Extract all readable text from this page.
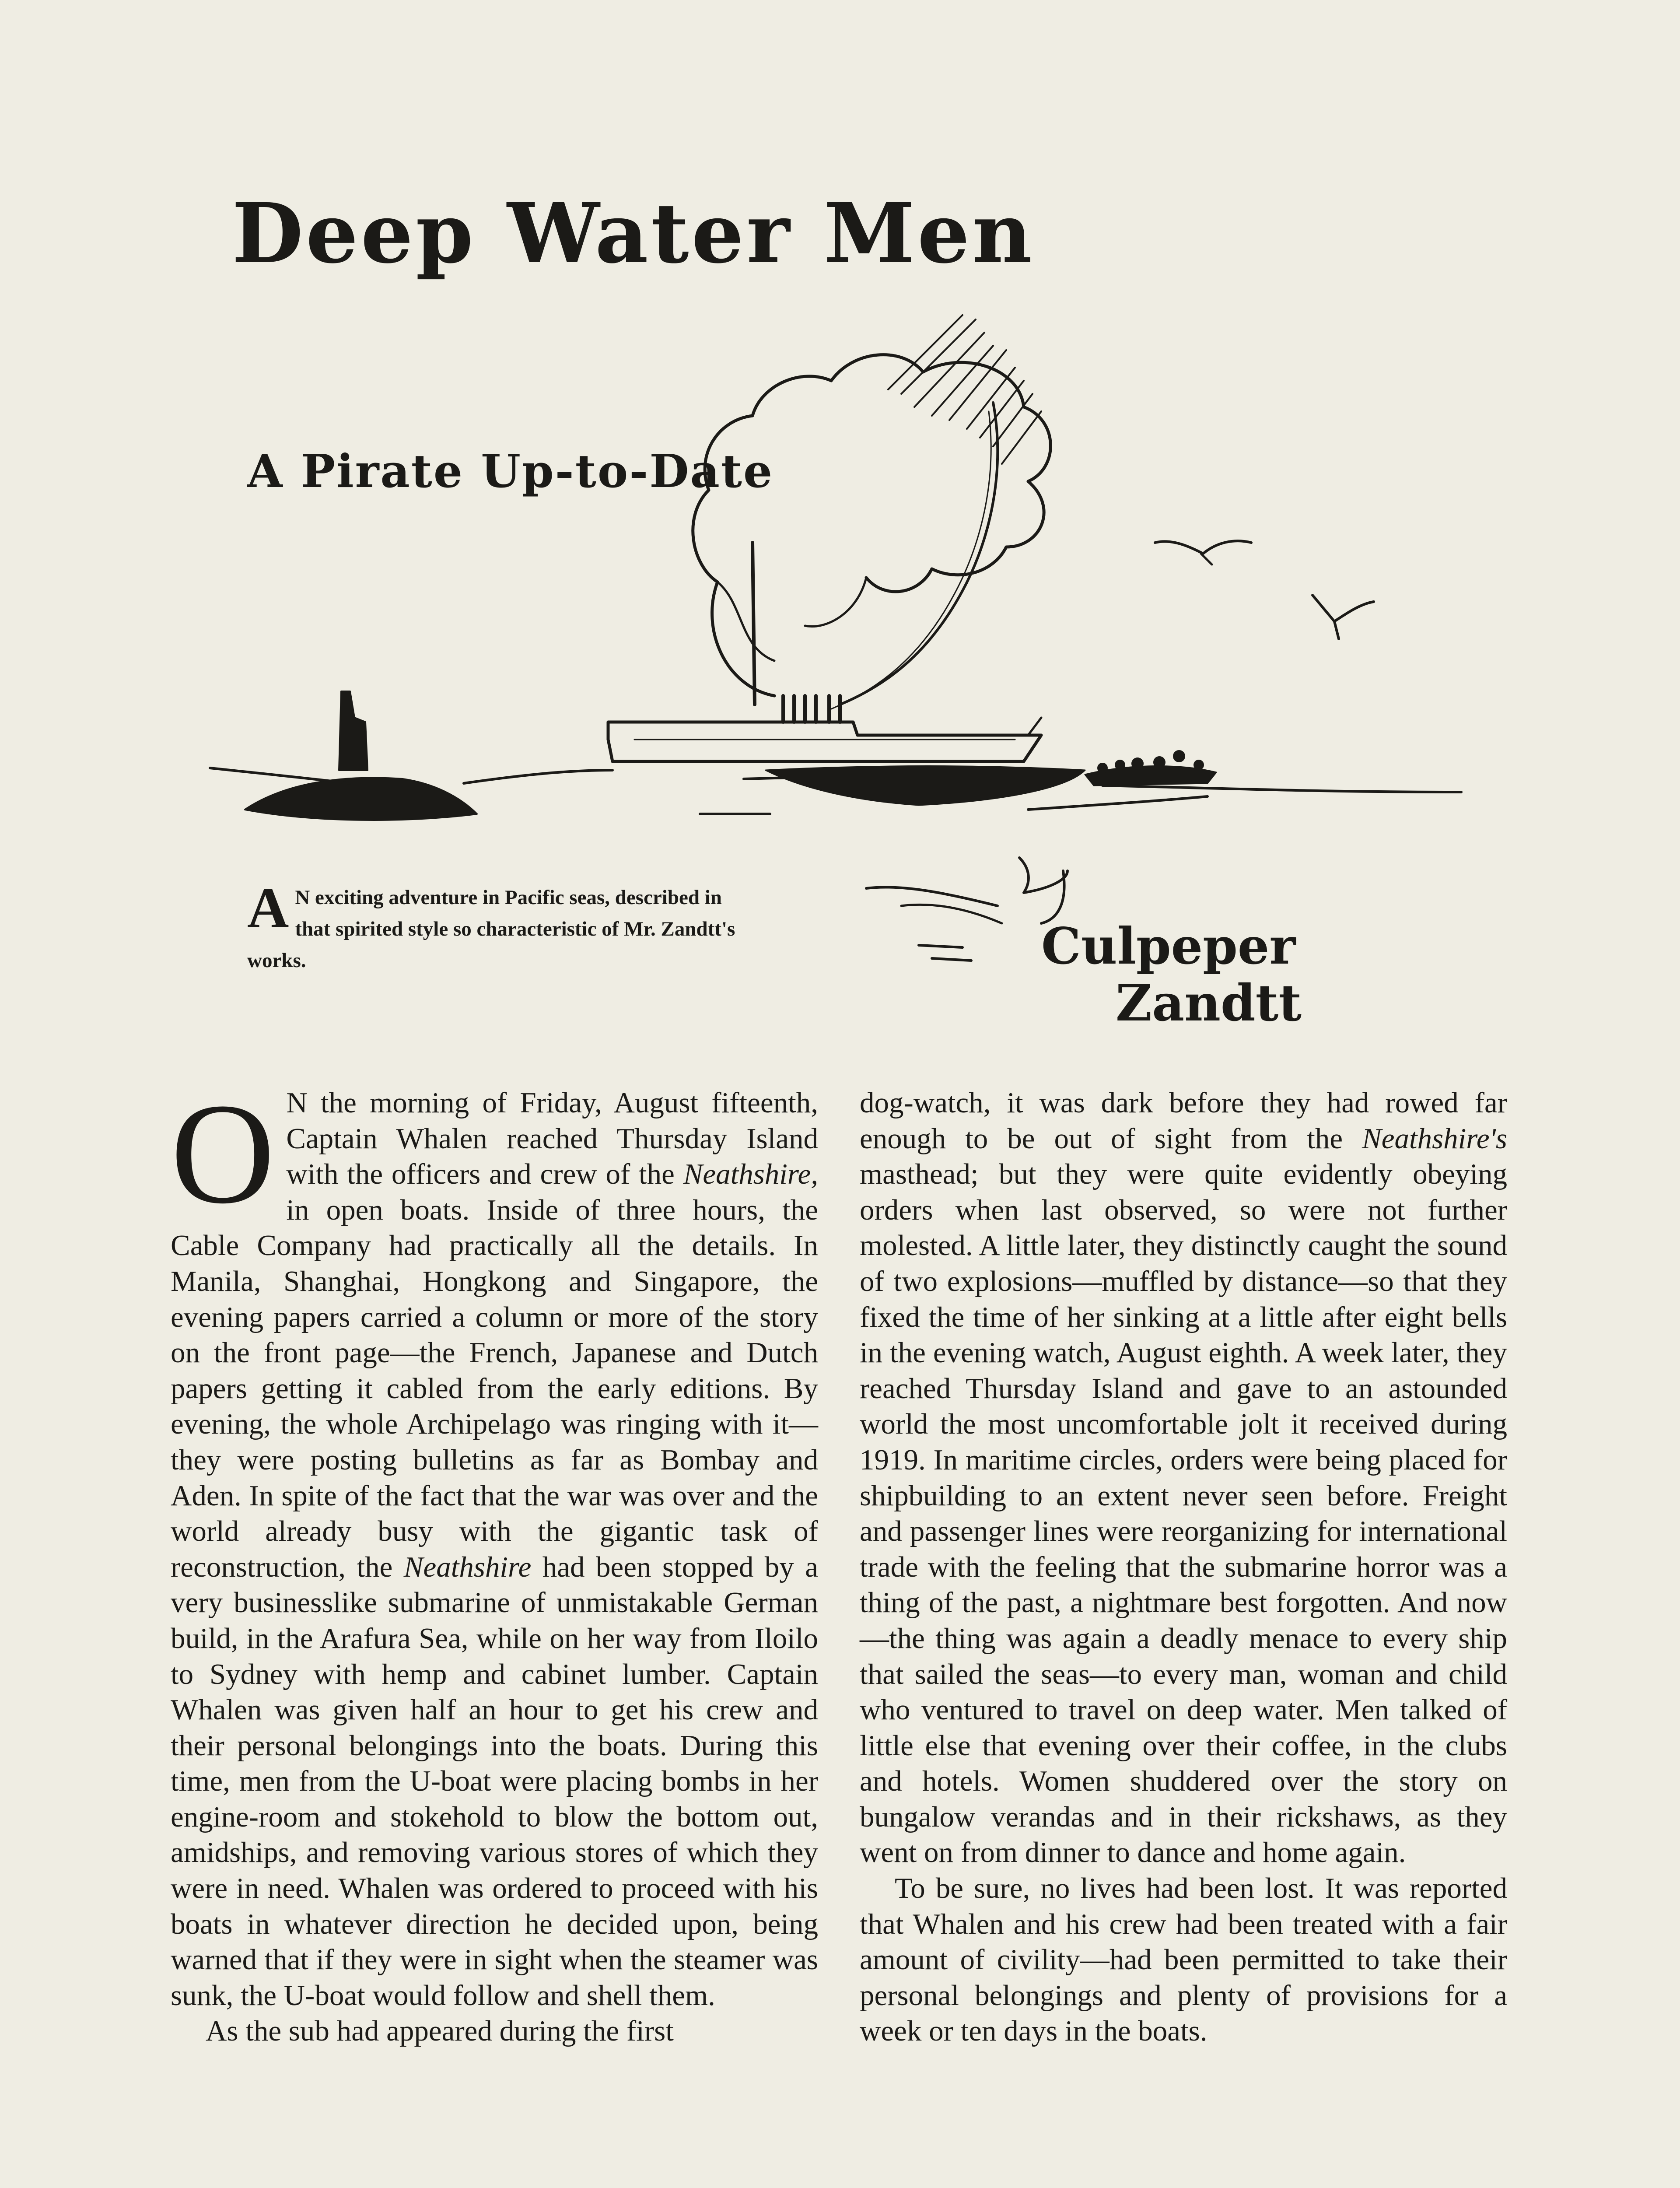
Deep Water Men
A Pirate Up-to-Date
A N exciting adventure in Pacific seas, described in that spirited style so characteristic of Mr. Zandtt's works.	Culpeper

Zandtt

O N the morning of Friday, August fifteenth, Captain Whalen reached Thursday Island with the officers and crew of the Neathshire, in open boats. Inside of three hours, the Cable Company had practically all the details. In Manila, Shanghai, Hongkong and Singapore, the evening papers carried a column or more of the story on the front page—the French, Japanese and Dutch papers getting it cabled from the early editions. By evening, the whole Archipelago was ringing with it—they were posting bulletins as far as Bombay and Aden. In spite of the fact that the war was over and the world already busy with the gigantic task of reconstruction, the Neathshire had been stopped by a very businesslike submarine of unmistakable German build, in the Arafura Sea, while on her way from Iloilo to Sydney with hemp and cabinet lumber. Captain Whalen was given half an hour to get his crew and their personal belongings into the boats. During this time, men from the U-boat were placing bombs in her engine-room and stokehold to blow the bottom out, amidships, and removing various stores of which they were in need. Whalen was ordered to proceed with his boats in whatever direction he decided upon, being warned that if they were in sight when the steamer was sunk, the U-boat would follow and shell them.

As the sub had appeared during the first

dog-watch, it was dark before they had rowed far enough to be out of sight from the Neathshire's masthead; but they were quite evidently obeying orders when last observed, so were not further molested. A little later, they distinctly caught the sound of two explosions—muffled by distance—so that they fixed the time of her sinking at a little after eight bells in the evening watch, August eighth. A week later, they reached Thursday Island and gave to an astounded world the most uncomfortable jolt it received during 1919. In maritime circles, orders were being placed for shipbuilding to an extent never seen before. Freight and passenger lines were reorganizing for international trade with the feeling that the submarine horror was a thing of the past, a nightmare best forgotten. And now—the thing was again a deadly menace to every ship that sailed the seas—to every man, woman and child who ventured to travel on deep water. Men talked of little else that evening over their coffee, in the clubs and hotels. Women shuddered over the story on bungalow verandas and in their rickshaws, as they went on from dinner to dance and home again.

To be sure, no lives had been lost. It was reported that Whalen and his crew had been treated with a fair amount of civility—had been permitted to take their personal belongings and plenty of provisions for a week or ten days in the boats.
